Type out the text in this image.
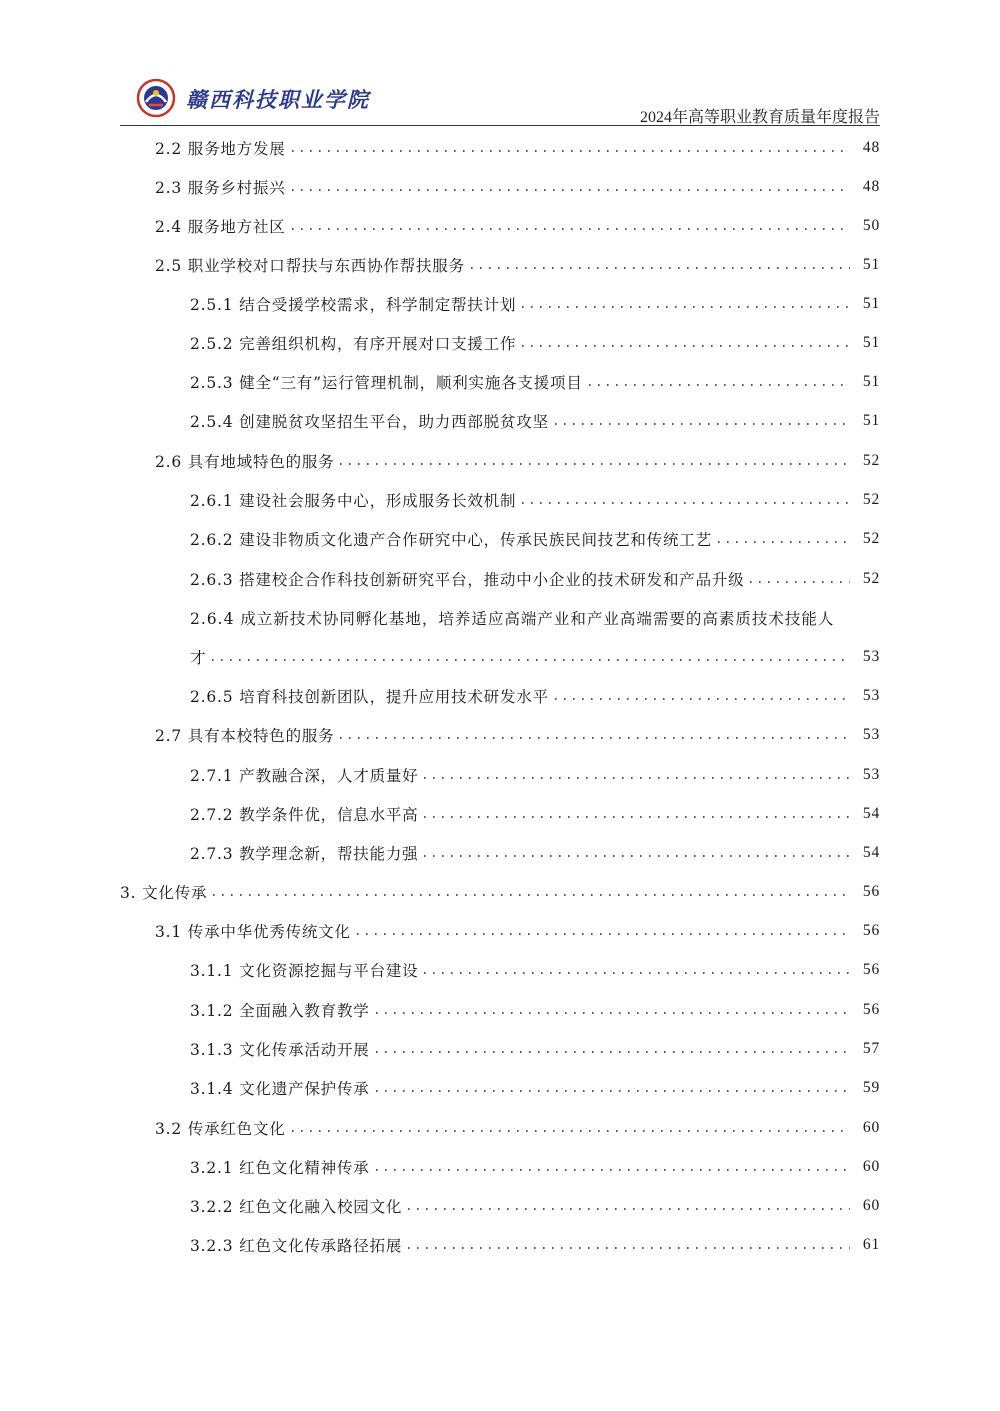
赣西科技职业学院
2024年高等职业教育质量年度报告
2.2 服务地方发展	48
2.3 服务乡村振兴	48
2.4 服务地方社区	50
2.5 职业学校对口帮扶与东西协作帮扶服务	51
2.5.1 结合受援学校需求，科学制定帮扶计划	51
2.5.2 完善组织机构，有序开展对口支援工作	51
2.5.3 健全“三有”运行管理机制，顺利实施各支援项目	51
2.5.4 创建脱贫攻坚招生平台，助力西部脱贫攻坚	51
2.6 具有地域特色的服务	52
2.6.1 建设社会服务中心，形成服务长效机制	52
2.6.2 建设非物质文化遗产合作研究中心，传承民族民间技艺和传统工艺	52
2.6.3 搭建校企合作科技创新研究平台，推动中小企业的技术研发和产品升级	52
2.6.4 成立新技术协同孵化基地，培养适应高端产业和产业高端需要的高素质技术技能人
才	53
2.6.5 培育科技创新团队，提升应用技术研发水平	53
2.7 具有本校特色的服务	53
2.7.1 产教融合深，人才质量好	53
2.7.2 教学条件优，信息水平高	54
2.7.3 教学理念新，帮扶能力强	54
3. 文化传承	56
3.1 传承中华优秀传统文化	56
3.1.1 文化资源挖掘与平台建设	56
3.1.2 全面融入教育教学	56
3.1.3 文化传承活动开展	57
3.1.4 文化遗产保护传承	59
3.2 传承红色文化	60
3.2.1 红色文化精神传承	60
3.2.2 红色文化融入校园文化	60
3.2.3 红色文化传承路径拓展	61
